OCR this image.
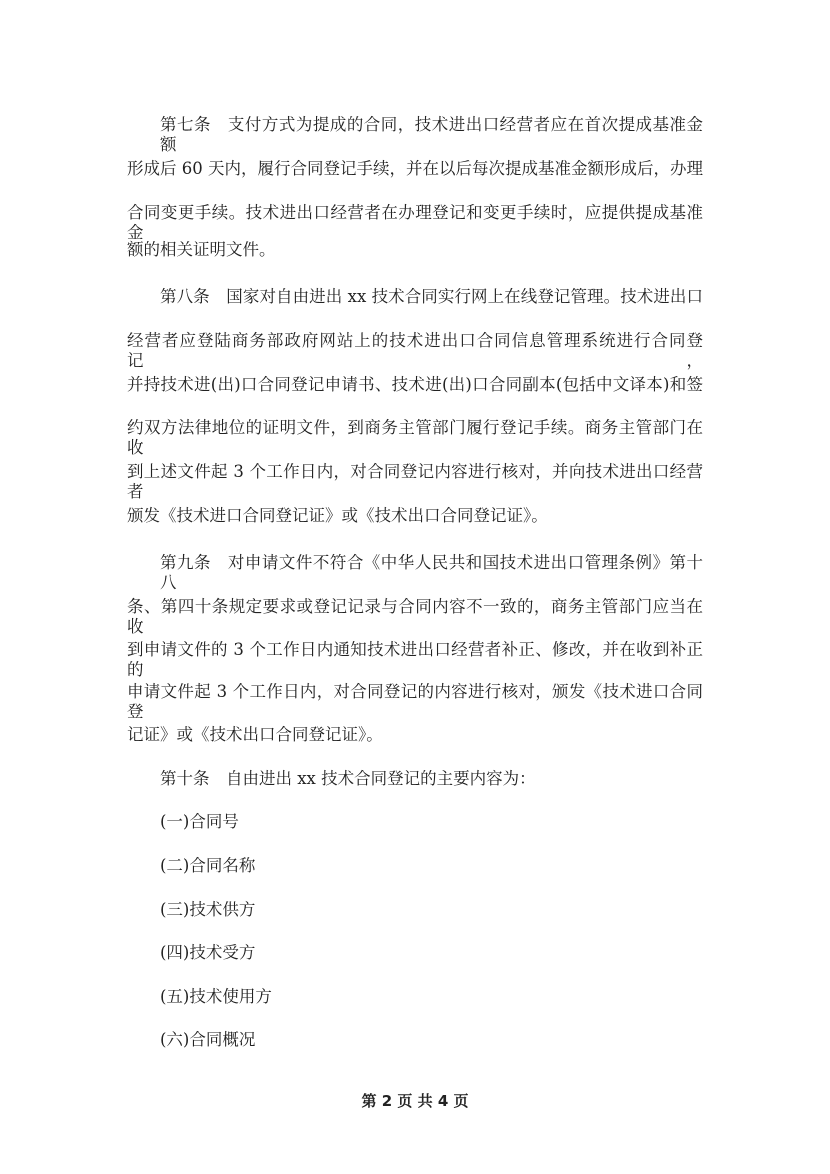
第七条　支付方式为提成的合同，技术进出口经营者应在首次提成基准金额
形成后 60 天内，履行合同登记手续，并在以后每次提成基准金额形成后，办理
合同变更手续。技术进出口经营者在办理登记和变更手续时，应提供提成基准金
额的相关证明文件。
第八条　国家对自由进出 xx 技术合同实行网上在线登记管理。技术进出口
经营者应登陆商务部政府网站上的技术进出口合同信息管理系统进行合同登记，
并持技术进(出)口合同登记申请书、技术进(出)口合同副本(包括中文译本)和签
约双方法律地位的证明文件，到商务主管部门履行登记手续。商务主管部门在收
到上述文件起 3 个工作日内，对合同登记内容进行核对，并向技术进出口经营者
颁发《技术进口合同登记证》或《技术出口合同登记证》。
第九条　对申请文件不符合《中华人民共和国技术进出口管理条例》第十八
条、第四十条规定要求或登记记录与合同内容不一致的，商务主管部门应当在收
到申请文件的 3 个工作日内通知技术进出口经营者补正、修改，并在收到补正的
申请文件起 3 个工作日内，对合同登记的内容进行核对，颁发《技术进口合同登
记证》或《技术出口合同登记证》。
第十条　自由进出 xx 技术合同登记的主要内容为：
(一)合同号
(二)合同名称
(三)技术供方
(四)技术受方
(五)技术使用方
(六)合同概况
第 2 页 共 4 页
